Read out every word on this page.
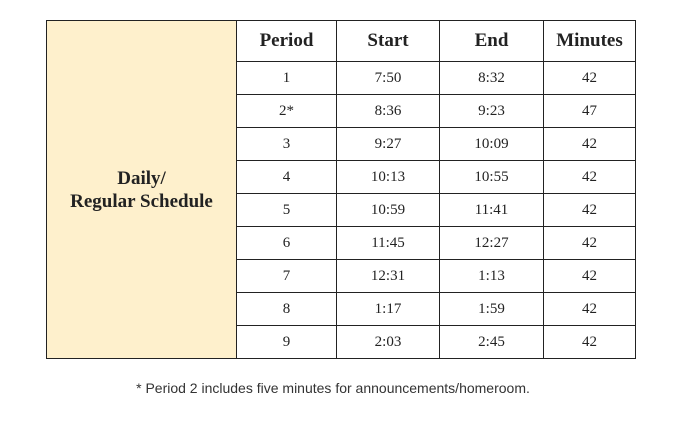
Daily/
Regular Schedule	Period	Start	End	Minutes
	1	7:50	8:32	42
	2*	8:36	9:23	47
	3	9:27	10:09	42
	4	10:13	10:55	42
	5	10:59	11:41	42
	6	11:45	12:27	42
	7	12:31	1:13	42
	8	1:17	1:59	42
	9	2:03	2:45	42
* Period 2 includes five minutes for announcements/homeroom.
